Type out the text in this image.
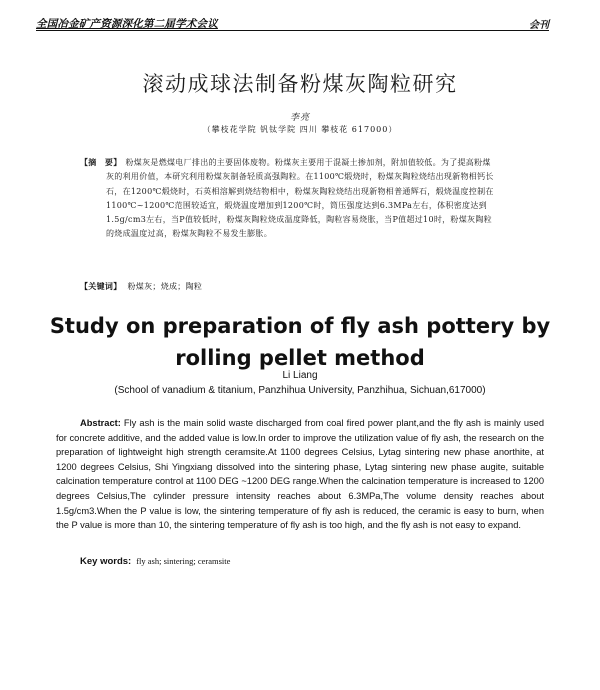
全国冶金矿产资源深化第二届学术会议	会刊
滚动成球法制备粉煤灰陶粒研究
李亮
（攀枝花学院 钒钛学院 四川 攀枝花 617000）
【摘　要】 粉煤灰是燃煤电厂排出的主要固体废物。粉煤灰主要用于混凝土掺加剂，附加值较低。为了提高粉煤灰的利用价值，本研究利用粉煤灰制备轻质高强陶粒。在1100℃煅烧时，粉煤灰陶粒烧结出现新物相钙长石，在1200℃煅烧时，石英相溶解到烧结物相中，粉煤灰陶粒烧结出现新物相普通辉石，煅烧温度控制在1100℃~1200℃范围较适宜，煅烧温度增加到1200℃时，筒压强度达到6.3MPa左右，体积密度达到1.5g/cm3左右，当P值较低时，粉煤灰陶粒烧成温度降低，陶粒容易烧胀，当P值超过10时，粉煤灰陶粒的烧成温度过高，粉煤灰陶粒不易发生膨胀。
【关键词】 粉煤灰；烧成；陶粒
Study on preparation of fly ash pottery by
rolling pellet method
Li Liang
(School of vanadium & titanium, Panzhihua University, Panzhihua, Sichuan,617000)
Abstract: Fly ash is the main solid waste discharged from coal fired power plant,and the fly ash is mainly used for concrete additive, and the added value is low.In order to improve the utilization value of fly ash, the research on the preparation of lightweight high strength ceramsite.At 1100 degrees Celsius, Lytag sintering new phase anorthite, at 1200 degrees Celsius, Shi Yingxiang dissolved into the sintering phase, Lytag sintering new phase augite, suitable calcination temperature control at 1100 DEG ~1200 DEG range.When the calcination temperature is increased to 1200 degrees Celsius,The cylinder pressure intensity reaches about 6.3MPa,The volume density reaches about 1.5g/cm3.When the P value is low, the sintering temperature of fly ash is reduced, the ceramic is easy to burn, when the P value is more than 10, the sintering temperature of fly ash is too high, and the fly ash is not easy to expand.
Key words: fly ash; sintering; ceramsite
